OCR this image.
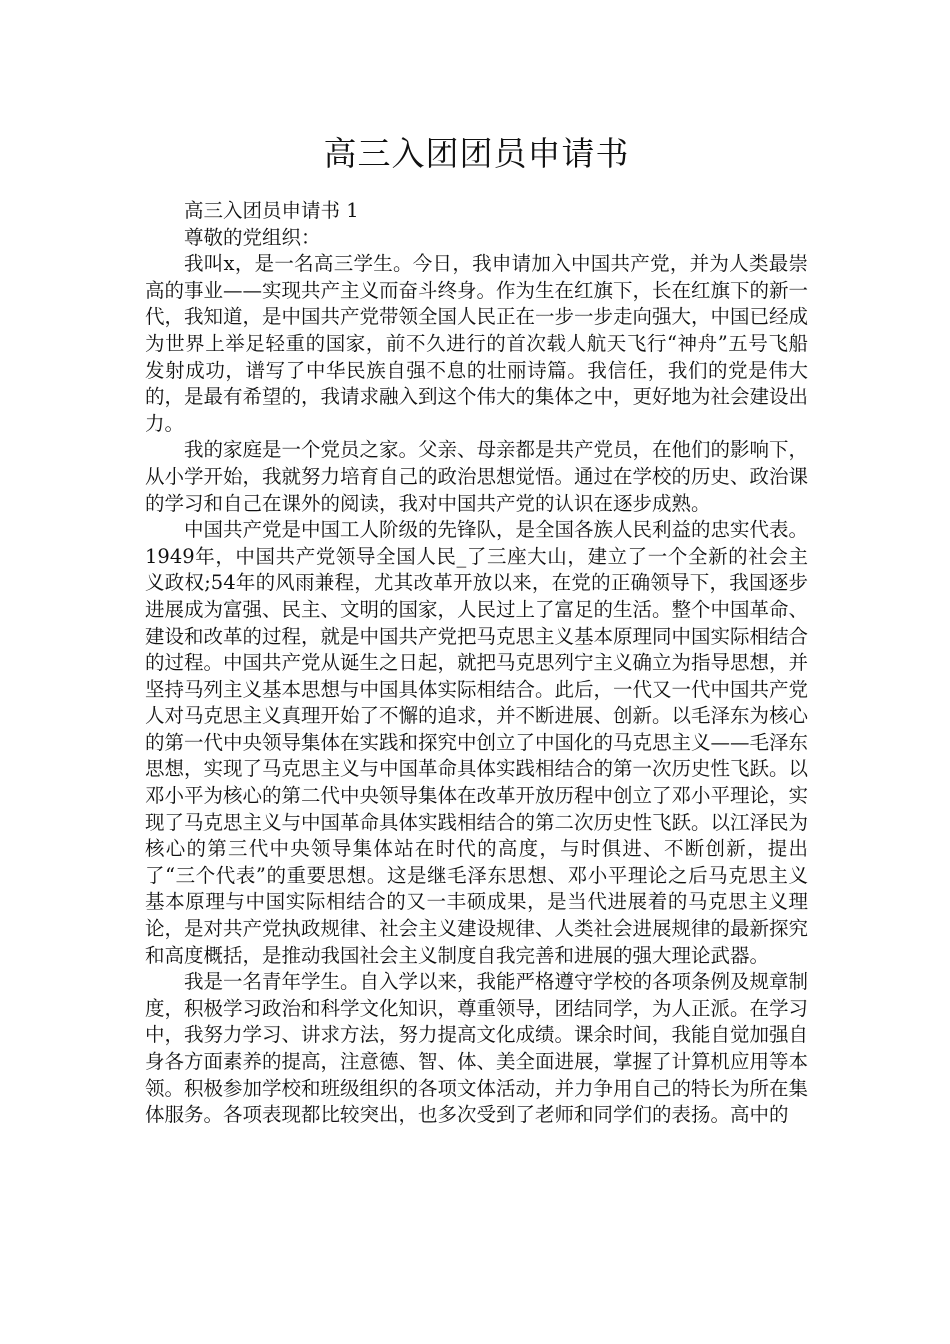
高三入团团员申请书

高三入团员申请书 1

尊敬的党组织：

我叫x，是一名高三学生。今日，我申请加入中国共产党，并为人类最崇高的事业——实现共产主义而奋斗终身。作为生在红旗下，长在红旗下的新一代，我知道，是中国共产党带领全国人民正在一步一步走向强大，中国已经成为世界上举足轻重的国家，前不久进行的首次载人航天飞行“神舟”五号飞船发射成功，谱写了中华民族自强不息的壮丽诗篇。我信任，我们的党是伟大的，是最有希望的，我请求融入到这个伟大的集体之中，更好地为社会建设出力。

我的家庭是一个党员之家。父亲、母亲都是共产党员，在他们的影响下，从小学开始，我就努力培育自己的政治思想觉悟。通过在学校的历史、政治课的学习和自己在课外的阅读，我对中国共产党的认识在逐步成熟。

中国共产党是中国工人阶级的先锋队，是全国各族人民利益的忠实代表。1949年，中国共产党领导全国人民_了三座大山，建立了一个全新的社会主义政权;54年的风雨兼程，尤其改革开放以来，在党的正确领导下，我国逐步进展成为富强、民主、文明的国家，人民过上了富足的生活。整个中国革命、建设和改革的过程，就是中国共产党把马克思主义基本原理同中国实际相结合的过程。中国共产党从诞生之日起，就把马克思列宁主义确立为指导思想，并坚持马列主义基本思想与中国具体实际相结合。此后，一代又一代中国共产党人对马克思主义真理开始了不懈的追求，并不断进展、创新。以毛泽东为核心的第一代中央领导集体在实践和探究中创立了中国化的马克思主义——毛泽东思想，实现了马克思主义与中国革命具体实践相结合的第一次历史性飞跃。以邓小平为核心的第二代中央领导集体在改革开放历程中创立了邓小平理论，实现了马克思主义与中国革命具体实践相结合的第二次历史性飞跃。以江泽民为核心的第三代中央领导集体站在时代的高度，与时俱进、不断创新，提出了“三个代表”的重要思想。这是继毛泽东思想、邓小平理论之后马克思主义基本原理与中国实际相结合的又一丰硕成果，是当代进展着的马克思主义理论，是对共产党执政规律、社会主义建设规律、人类社会进展规律的最新探究和高度概括，是推动我国社会主义制度自我完善和进展的强大理论武器。

我是一名青年学生。自入学以来，我能严格遵守学校的各项条例及规章制度，积极学习政治和科学文化知识，尊重领导，团结同学，为人正派。在学习中，我努力学习、讲求方法，努力提高文化成绩。课余时间，我能自觉加强自身各方面素养的提高，注意德、智、体、美全面进展，掌握了计算机应用等本领。积极参加学校和班级组织的各项文体活动，并力争用自己的特长为所在集体服务。各项表现都比较突出，也多次受到了老师和同学们的表扬。高中的
